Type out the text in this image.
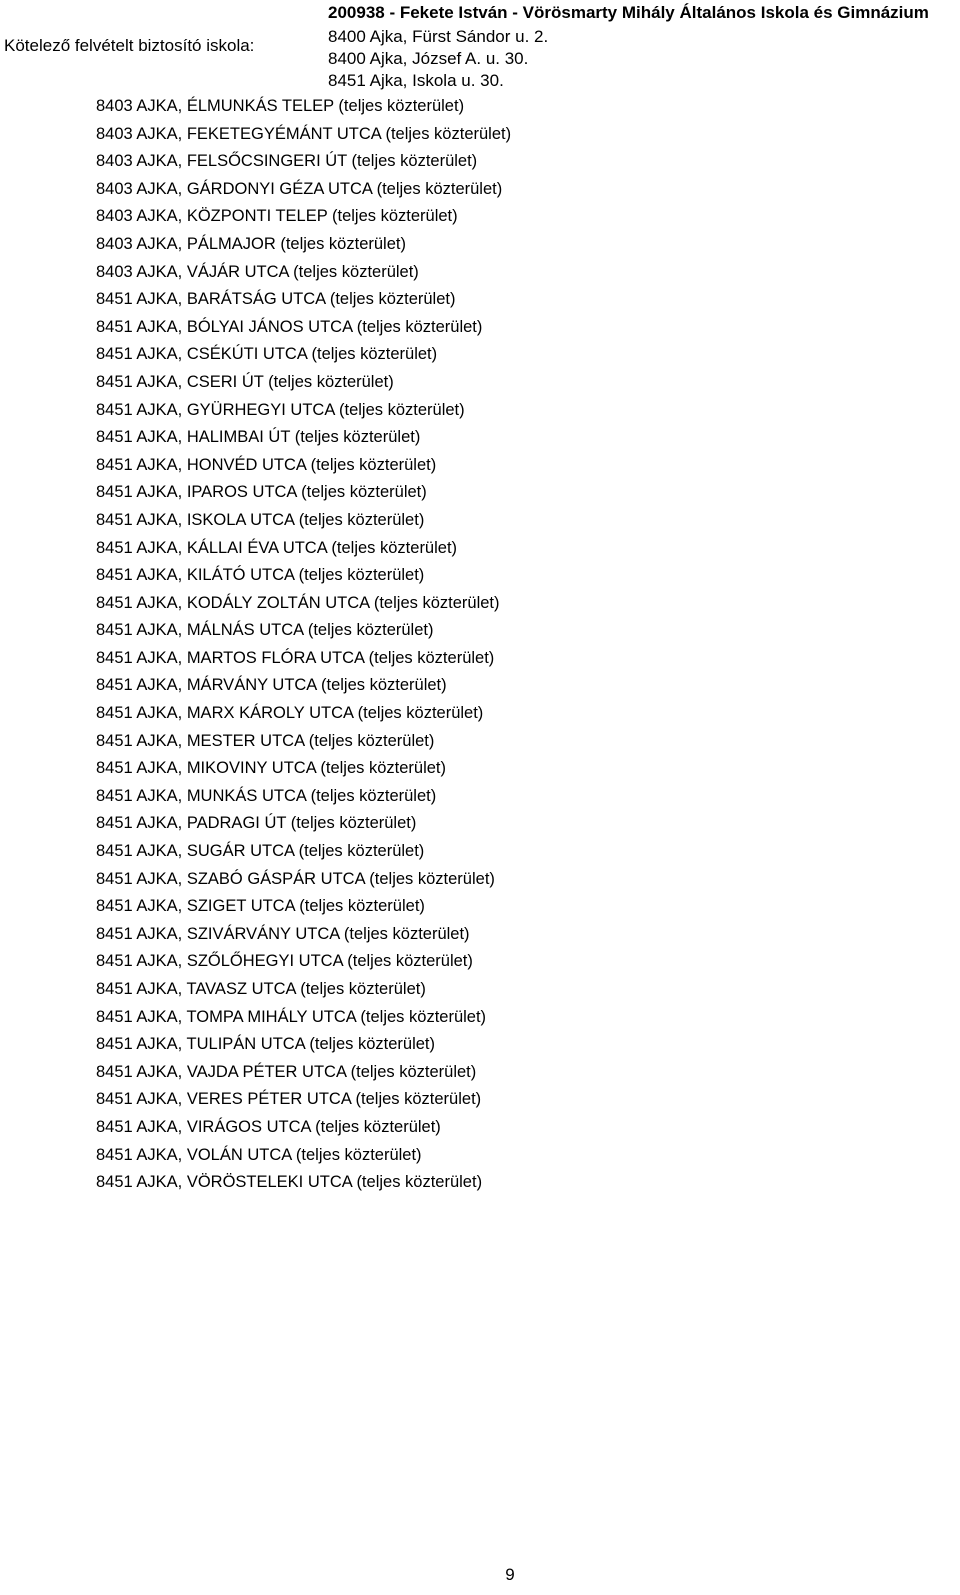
Kötelező felvételt biztosító iskola:
200938 - Fekete István - Vörösmarty Mihály Általános Iskola és Gimnázium
8400 Ajka, Fürst Sándor u. 2.
8400 Ajka, József A. u. 30.
8451 Ajka, Iskola u. 30.
8403 AJKA, ÉLMUNKÁS TELEP (teljes közterület)
8403 AJKA, FEKETEGYÉMÁNT UTCA (teljes közterület)
8403 AJKA, FELSŐCSINGERI ÚT (teljes közterület)
8403 AJKA, GÁRDONYI GÉZA UTCA (teljes közterület)
8403 AJKA, KÖZPONTI TELEP (teljes közterület)
8403 AJKA, PÁLMAJOR (teljes közterület)
8403 AJKA, VÁJÁR UTCA (teljes közterület)
8451 AJKA, BARÁTSÁG UTCA (teljes közterület)
8451 AJKA, BÓLYAI JÁNOS UTCA (teljes közterület)
8451 AJKA, CSÉKÚTI UTCA (teljes közterület)
8451 AJKA, CSERI ÚT (teljes közterület)
8451 AJKA, GYÜRHEGYI UTCA (teljes közterület)
8451 AJKA, HALIMBAI ÚT (teljes közterület)
8451 AJKA, HONVÉD UTCA (teljes közterület)
8451 AJKA, IPAROS UTCA (teljes közterület)
8451 AJKA, ISKOLA UTCA (teljes közterület)
8451 AJKA, KÁLLAI ÉVA UTCA (teljes közterület)
8451 AJKA, KILÁTÓ UTCA (teljes közterület)
8451 AJKA, KODÁLY ZOLTÁN UTCA (teljes közterület)
8451 AJKA, MÁLNÁS UTCA (teljes közterület)
8451 AJKA, MARTOS FLÓRA UTCA (teljes közterület)
8451 AJKA, MÁRVÁNY UTCA (teljes közterület)
8451 AJKA, MARX KÁROLY UTCA (teljes közterület)
8451 AJKA, MESTER UTCA (teljes közterület)
8451 AJKA, MIKOVINY UTCA (teljes közterület)
8451 AJKA, MUNKÁS UTCA (teljes közterület)
8451 AJKA, PADRAGI ÚT (teljes közterület)
8451 AJKA, SUGÁR UTCA (teljes közterület)
8451 AJKA, SZABÓ GÁSPÁR UTCA (teljes közterület)
8451 AJKA, SZIGET UTCA (teljes közterület)
8451 AJKA, SZIVÁRVÁNY UTCA (teljes közterület)
8451 AJKA, SZŐLŐHEGYI UTCA (teljes közterület)
8451 AJKA, TAVASZ UTCA (teljes közterület)
8451 AJKA, TOMPA MIHÁLY UTCA (teljes közterület)
8451 AJKA, TULIPÁN UTCA (teljes közterület)
8451 AJKA, VAJDA PÉTER UTCA (teljes közterület)
8451 AJKA, VERES PÉTER UTCA (teljes közterület)
8451 AJKA, VIRÁGOS UTCA (teljes közterület)
8451 AJKA, VOLÁN UTCA (teljes közterület)
8451 AJKA, VÖRÖSTELEKI UTCA (teljes közterület)
9
